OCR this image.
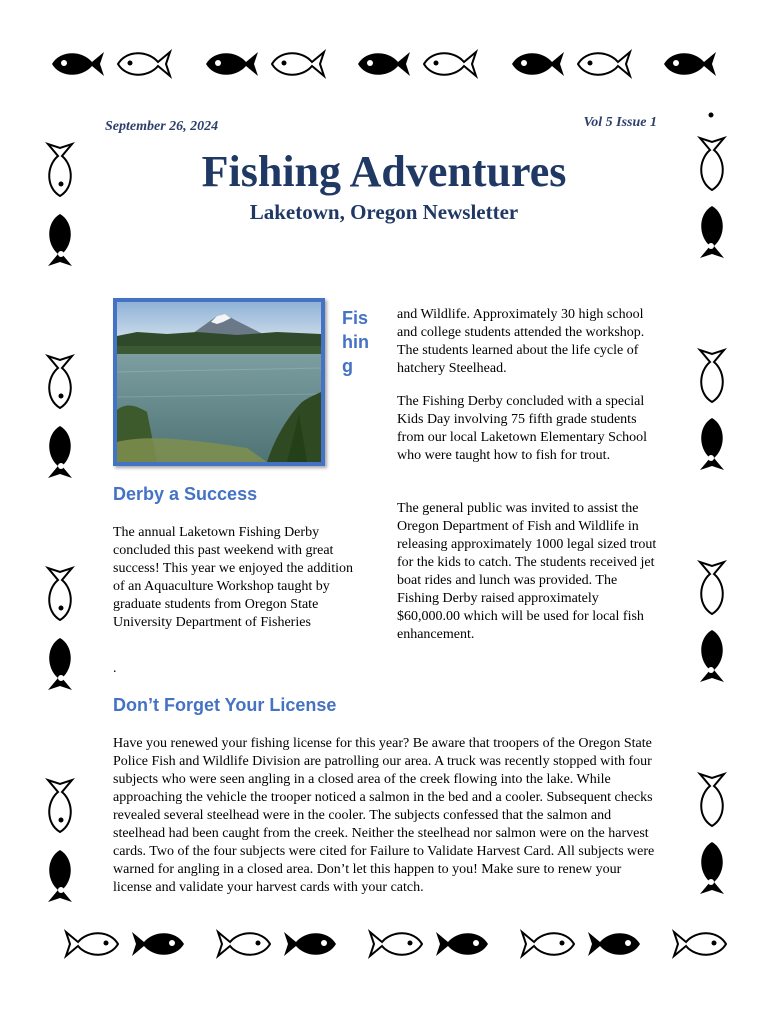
September 26, 2024	Vol 5 Issue 1
Fishing Adventures
Laketown, Oregon Newsletter
Fishing
Derby a Success

The annual Laketown Fishing Derby concluded this past weekend with great success! This year we enjoyed the addition of an Aquaculture Workshop taught by graduate students from Oregon State University Department of Fisheries

.

and Wildlife. Approximately 30 high school and college students attended the workshop. The students learned about the life cycle of hatchery Steelhead.

The Fishing Derby concluded with a special Kids Day involving 75 fifth grade students from our local Laketown Elementary School who were taught how to fish for trout.

The general public was invited to assist the Oregon Department of Fish and Wildlife in releasing approximately 1000 legal sized trout for the kids to catch. The students received jet boat rides and lunch was provided. The Fishing Derby raised approximately $60,000.00 which will be used for local fish enhancement.

Don’t Forget Your License

Have you renewed your fishing license for this year? Be aware that troopers of the Oregon State Police Fish and Wildlife Division are patrolling our area. A truck was recently stopped with four subjects who were seen angling in a closed area of the creek flowing into the lake. While approaching the vehicle the trooper noticed a salmon in the bed and a cooler. Subsequent checks revealed several steelhead were in the cooler. The subjects confessed that the salmon and steelhead had been caught from the creek. Neither the steelhead nor salmon were on the harvest cards. Two of the four subjects were cited for Failure to Validate Harvest Card. All subjects were warned for angling in a closed area. Don’t let this happen to you! Make sure to renew your license and validate your harvest cards with your catch.
